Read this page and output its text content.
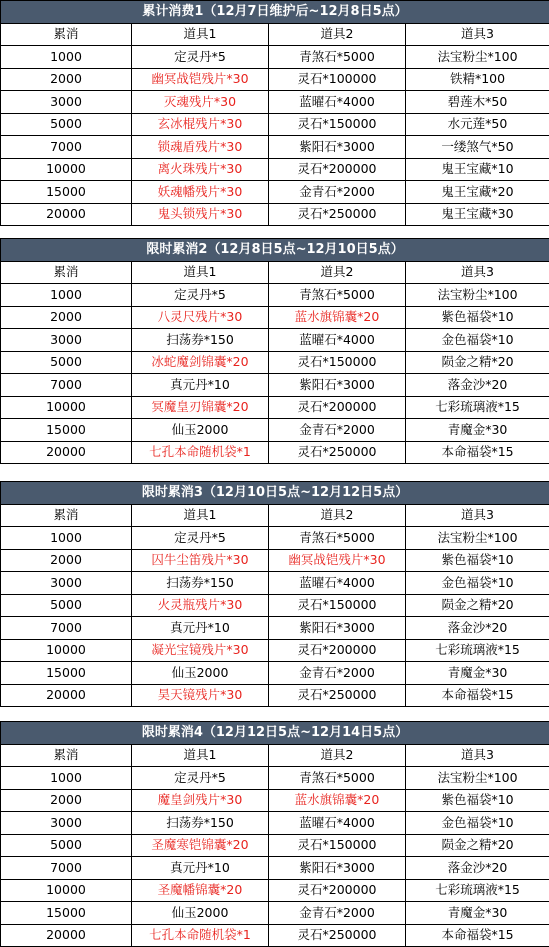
累计消费1（12月7日维护后~12月8日5点）			
累消	道具1	道具2	道具3
1000	定灵丹*5	青煞石*5000	法宝粉尘*100
2000	幽冥战铠残片*30	灵石*100000	铁精*100
3000	灭魂残片*30	蓝曜石*4000	碧莲木*50
5000	玄冰棍残片*30	灵石*150000	水元莲*50
7000	锁魂盾残片*30	紫阳石*3000	一缕煞气*50
10000	离火珠残片*30	灵石*200000	鬼王宝藏*10
15000	妖魂幡残片*30	金青石*2000	鬼王宝藏*20
20000	鬼头锁残片*30	灵石*250000	鬼王宝藏*30
限时累消2（12月8日5点~12月10日5点）			
累消	道具1	道具2	道具3
1000	定灵丹*5	青煞石*5000	法宝粉尘*100
2000	八灵尺残片*30	蓝水旗锦囊*20	紫色福袋*10
3000	扫荡券*150	蓝曜石*4000	金色福袋*10
5000	冰蛇魔剑锦囊*20	灵石*150000	陨金之精*20
7000	真元丹*10	紫阳石*3000	落金沙*20
10000	冥魔皇刃锦囊*20	灵石*200000	七彩琉璃液*15
15000	仙玉2000	金青石*2000	青魔金*30
20000	七孔本命随机袋*1	灵石*250000	本命福袋*15
限时累消3（12月10日5点~12月12日5点）			
累消	道具1	道具2	道具3
1000	定灵丹*5	青煞石*5000	法宝粉尘*100
2000	囚牛尘笛残片*30	幽冥战铠残片*30	紫色福袋*10
3000	扫荡券*150	蓝曜石*4000	金色福袋*10
5000	火灵瓶残片*30	灵石*150000	陨金之精*20
7000	真元丹*10	紫阳石*3000	落金沙*20
10000	凝光宝镜残片*30	灵石*200000	七彩琉璃液*15
15000	仙玉2000	金青石*2000	青魔金*30
20000	昊天镜残片*30	灵石*250000	本命福袋*15
限时累消4（12月12日5点~12月14日5点）			
累消	道具1	道具2	道具3
1000	定灵丹*5	青煞石*5000	法宝粉尘*100
2000	魔皇剑残片*30	蓝水旗锦囊*20	紫色福袋*10
3000	扫荡券*150	蓝曜石*4000	金色福袋*10
5000	圣魔寒铠锦囊*20	灵石*150000	陨金之精*20
7000	真元丹*10	紫阳石*3000	落金沙*20
10000	圣魔幡锦囊*20	灵石*200000	七彩琉璃液*15
15000	仙玉2000	金青石*2000	青魔金*30
20000	七孔本命随机袋*1	灵石*250000	本命福袋*15
